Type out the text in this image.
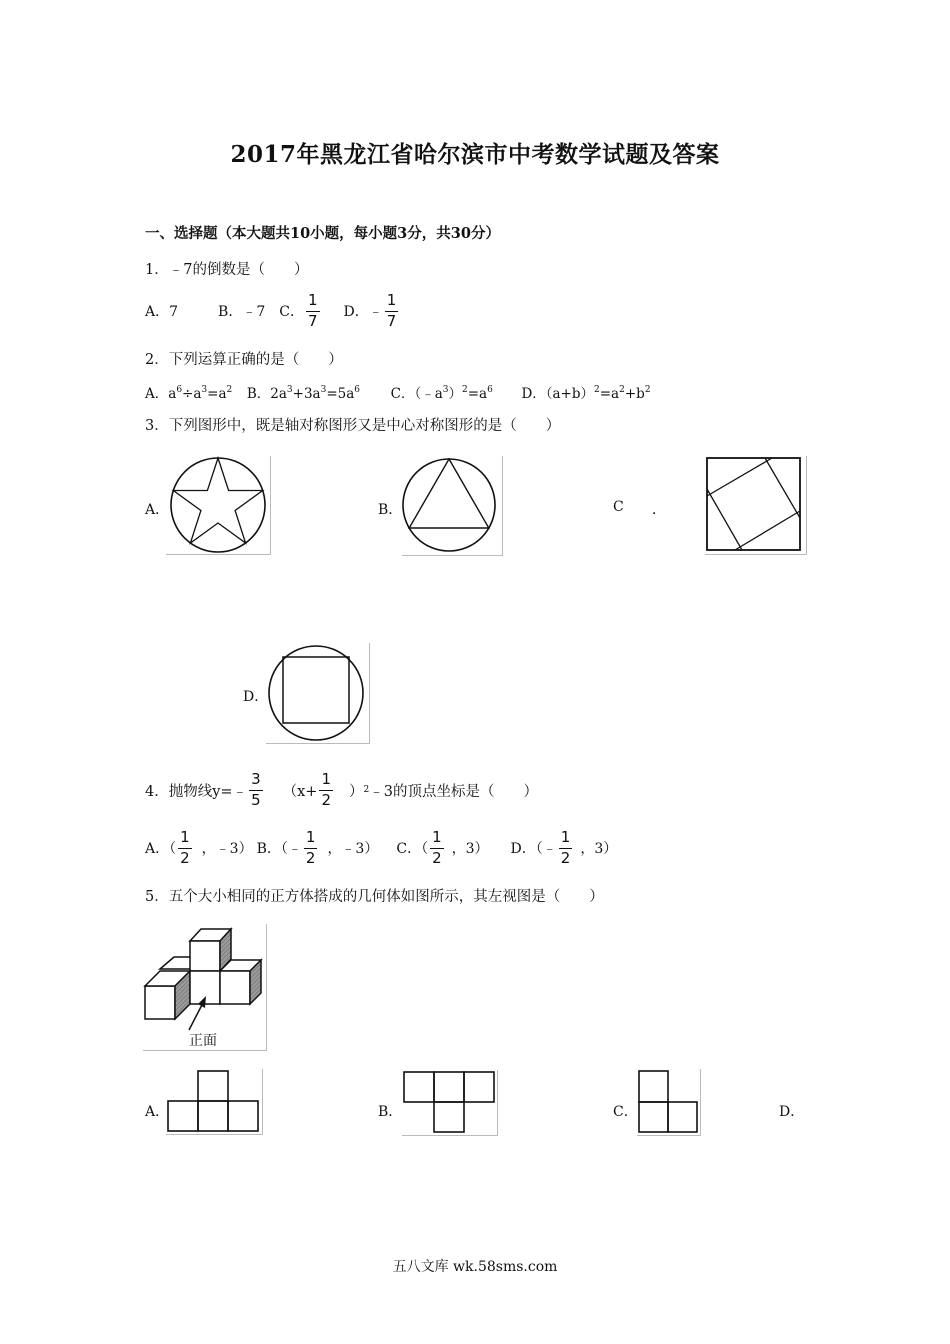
2017年黑龙江省哈尔滨市中考数学试题及答案
一、选择题（本大题共10小题，每小题3分，共30分）
1．﹣7的倒数是（　　）
A．7	B．﹣7 C． $\frac{1}{7}$ D．﹣ $\frac{1}{7}$
2．下列运算正确的是（　　）
A．$a^6\div a^3=a^2$ B．$2a^3+3a^3=5a^6$ C．$(﹣a^3)^2=a^6$ D．$(a+b)^2=a^2+b^2$
3．下列图形中，既是轴对称图形又是中心对称图形的是（　　）
A．	B．	C ．
D．
4．抛物线y=﹣ $\frac{3}{5} (x+ \frac{1}{2}$ ） 2 ﹣3的顶点坐标是（　　）
A．（ $\frac{1}{2}$ ，﹣3） B．（﹣ $\frac{1}{2}$ ，﹣3） C．（ $\frac{1}{2}$ ，3） D．（﹣ $\frac{1}{2}$ ，3）
5．五个大小相同的正方体搭成的几何体如图所示，其左视图是（　　）
正面
A．	B．	C．	D．
五八文库 wk.58sms.com
